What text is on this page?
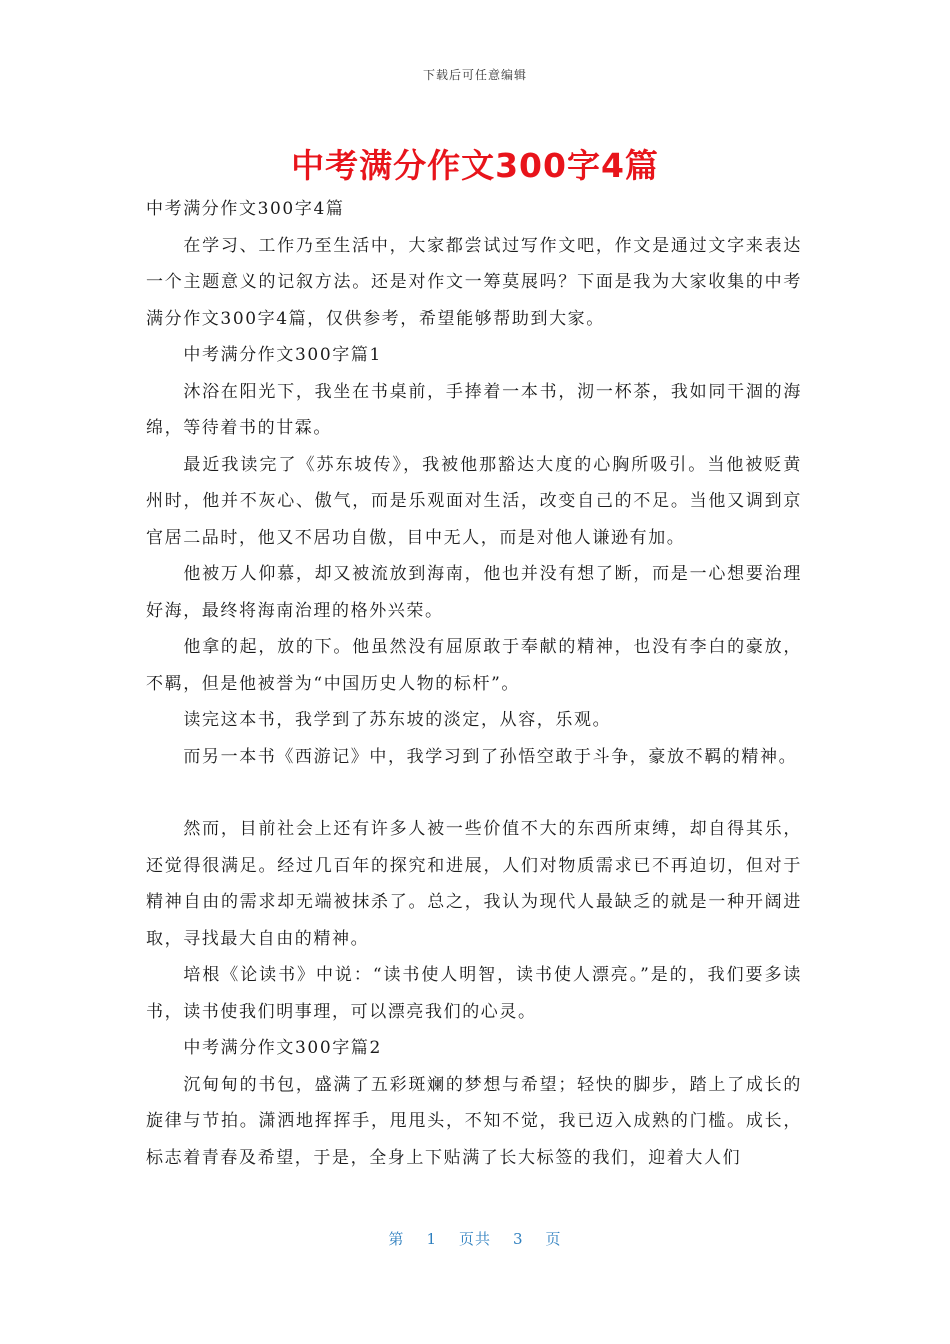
下载后可任意编辑
中考满分作文300字4篇

中考满分作文300字4篇

在学习、工作乃至生活中，大家都尝试过写作文吧，作文是通过文字来表达一个主题意义的记叙方法。还是对作文一筹莫展吗？下面是我为大家收集的中考满分作文300字4篇，仅供参考，希望能够帮助到大家。

中考满分作文300字篇1

沐浴在阳光下，我坐在书桌前，手捧着一本书，沏一杯茶，我如同干涸的海绵，等待着书的甘霖。

最近我读完了《苏东坡传》，我被他那豁达大度的心胸所吸引。当他被贬黄州时，他并不灰心、傲气，而是乐观面对生活，改变自己的不足。当他又调到京官居二品时，他又不居功自傲，目中无人，而是对他人谦逊有加。

他被万人仰慕，却又被流放到海南，他也并没有想了断，而是一心想要治理好海，最终将海南治理的格外兴荣。

他拿的起，放的下。他虽然没有屈原敢于奉献的精神，也没有李白的豪放，不羁，但是他被誉为“中国历史人物的标杆”。

读完这本书，我学到了苏东坡的淡定，从容，乐观。

而另一本书《西游记》中，我学习到了孙悟空敢于斗争，豪放不羁的精神。

然而，目前社会上还有许多人被一些价值不大的东西所束缚，却自得其乐，还觉得很满足。经过几百年的探究和进展，人们对物质需求已不再迫切，但对于精神自由的需求却无端被抹杀了。总之，我认为现代人最缺乏的就是一种开阔进取，寻找最大自由的精神。

培根《论读书》中说：“读书使人明智，读书使人漂亮。”是的，我们要多读书，读书使我们明事理，可以漂亮我们的心灵。

中考满分作文300字篇2

沉甸甸的书包，盛满了五彩斑斓的梦想与希望；轻快的脚步，踏上了成长的旋律与节拍。潇洒地挥挥手，甩甩头，不知不觉，我已迈入成熟的门槛。成长，标志着青春及希望，于是，全身上下贴满了长大标签的我们，迎着大人们

第 1 页共 3 页
